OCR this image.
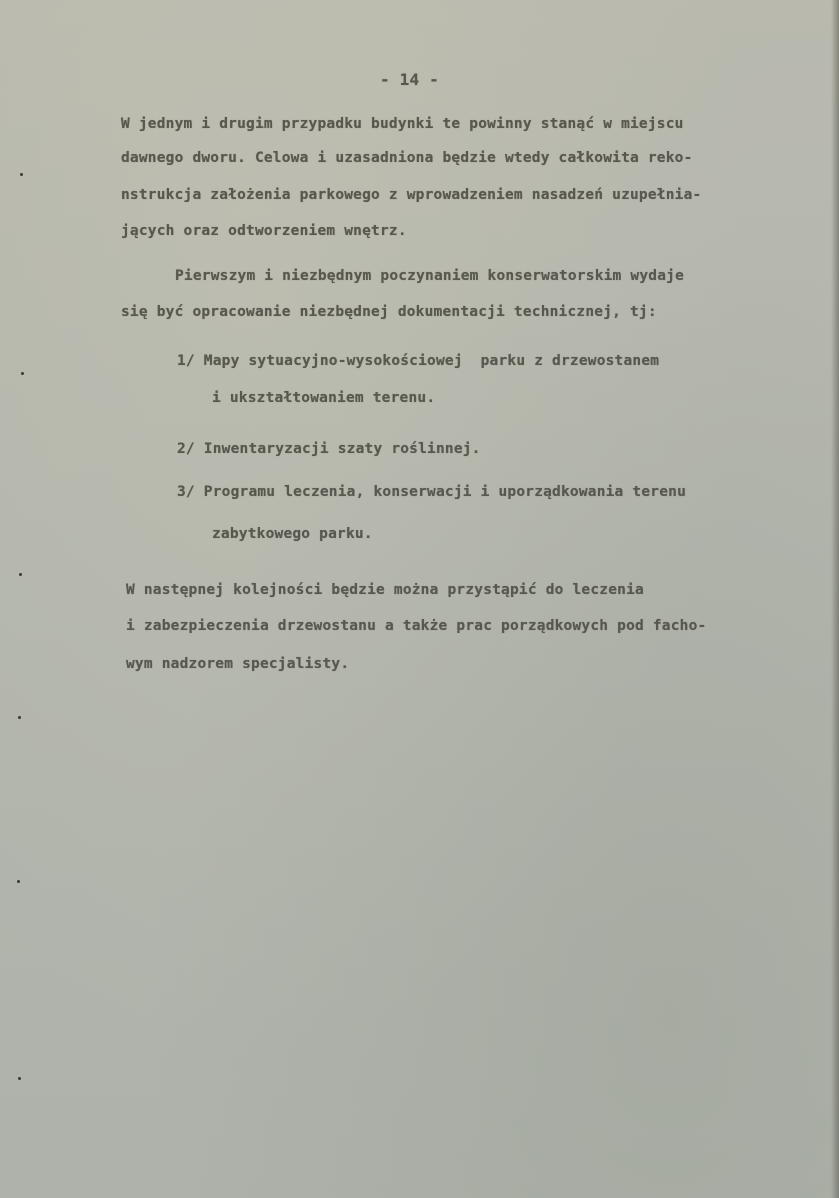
- 14 -
W jednym i drugim przypadku budynki te powinny stanąć w miejscu
dawnego dworu. Celowa i uzasadniona będzie wtedy całkowita reko-
nstrukcja założenia parkowego z wprowadzeniem nasadzeń uzupełnia-
jących oraz odtworzeniem wnętrz.
Pierwszym i niezbędnym poczynaniem konserwatorskim wydaje
się być opracowanie niezbędnej dokumentacji technicznej, tj:
1/ Mapy sytuacyjno-wysokościowej  parku z drzewostanem
i ukształtowaniem terenu.
2/ Inwentaryzacji szaty roślinnej.
3/ Programu leczenia, konserwacji i uporządkowania terenu
zabytkowego parku.
W następnej kolejności będzie można przystąpić do leczenia
i zabezpieczenia drzewostanu a także prac porządkowych pod facho-
wym nadzorem specjalisty.
